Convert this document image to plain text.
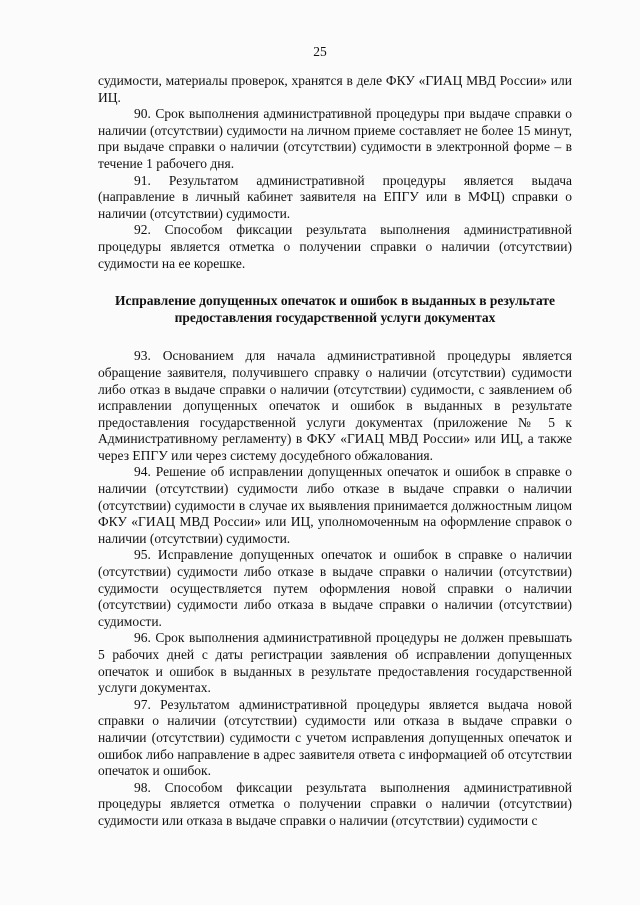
25

судимости, материалы проверок, хранятся в деле ФКУ «ГИАЦ МВД России» или ИЦ.

90. Срок выполнения административной процедуры при выдаче справки о наличии (отсутствии) судимости на личном приеме составляет не более 15 минут, при выдаче справки о наличии (отсутствии) судимости в электронной форме – в течение 1 рабочего дня.

91. Результатом административной процедуры является выдача (направление в личный кабинет заявителя на ЕПГУ или в МФЦ) справки о наличии (отсутствии) судимости.

92. Способом фиксации результата выполнения административной процедуры является отметка о получении справки о наличии (отсутствии) судимости на ее корешке.

Исправление допущенных опечаток и ошибок в выданных в результате предоставления государственной услуги документах

93. Основанием для начала административной процедуры является обращение заявителя, получившего справку о наличии (отсутствии) судимости либо отказ в выдаче справки о наличии (отсутствии) судимости, с заявлением об исправлении допущенных опечаток и ошибок в выданных в результате предоставления государственной услуги документах (приложение № 5 к Административному регламенту) в ФКУ «ГИАЦ МВД России» или ИЦ, а также через ЕПГУ или через систему досудебного обжалования.

94. Решение об исправлении допущенных опечаток и ошибок в справке о наличии (отсутствии) судимости либо отказе в выдаче справки о наличии (отсутствии) судимости в случае их выявления принимается должностным лицом ФКУ «ГИАЦ МВД России» или ИЦ, уполномоченным на оформление справок о наличии (отсутствии) судимости.

95. Исправление допущенных опечаток и ошибок в справке о наличии (отсутствии) судимости либо отказе в выдаче справки о наличии (отсутствии) судимости осуществляется путем оформления новой справки о наличии (отсутствии) судимости либо отказа в выдаче справки о наличии (отсутствии) судимости.

96. Срок выполнения административной процедуры не должен превышать 5 рабочих дней с даты регистрации заявления об исправлении допущенных опечаток и ошибок в выданных в результате предоставления государственной услуги документах.

97. Результатом административной процедуры является выдача новой справки о наличии (отсутствии) судимости или отказа в выдаче справки о наличии (отсутствии) судимости с учетом исправления допущенных опечаток и ошибок либо направление в адрес заявителя ответа с информацией об отсутствии опечаток и ошибок.

98. Способом фиксации результата выполнения административной процедуры является отметка о получении справки о наличии (отсутствии) судимости или отказа в выдаче справки о наличии (отсутствии) судимости с
